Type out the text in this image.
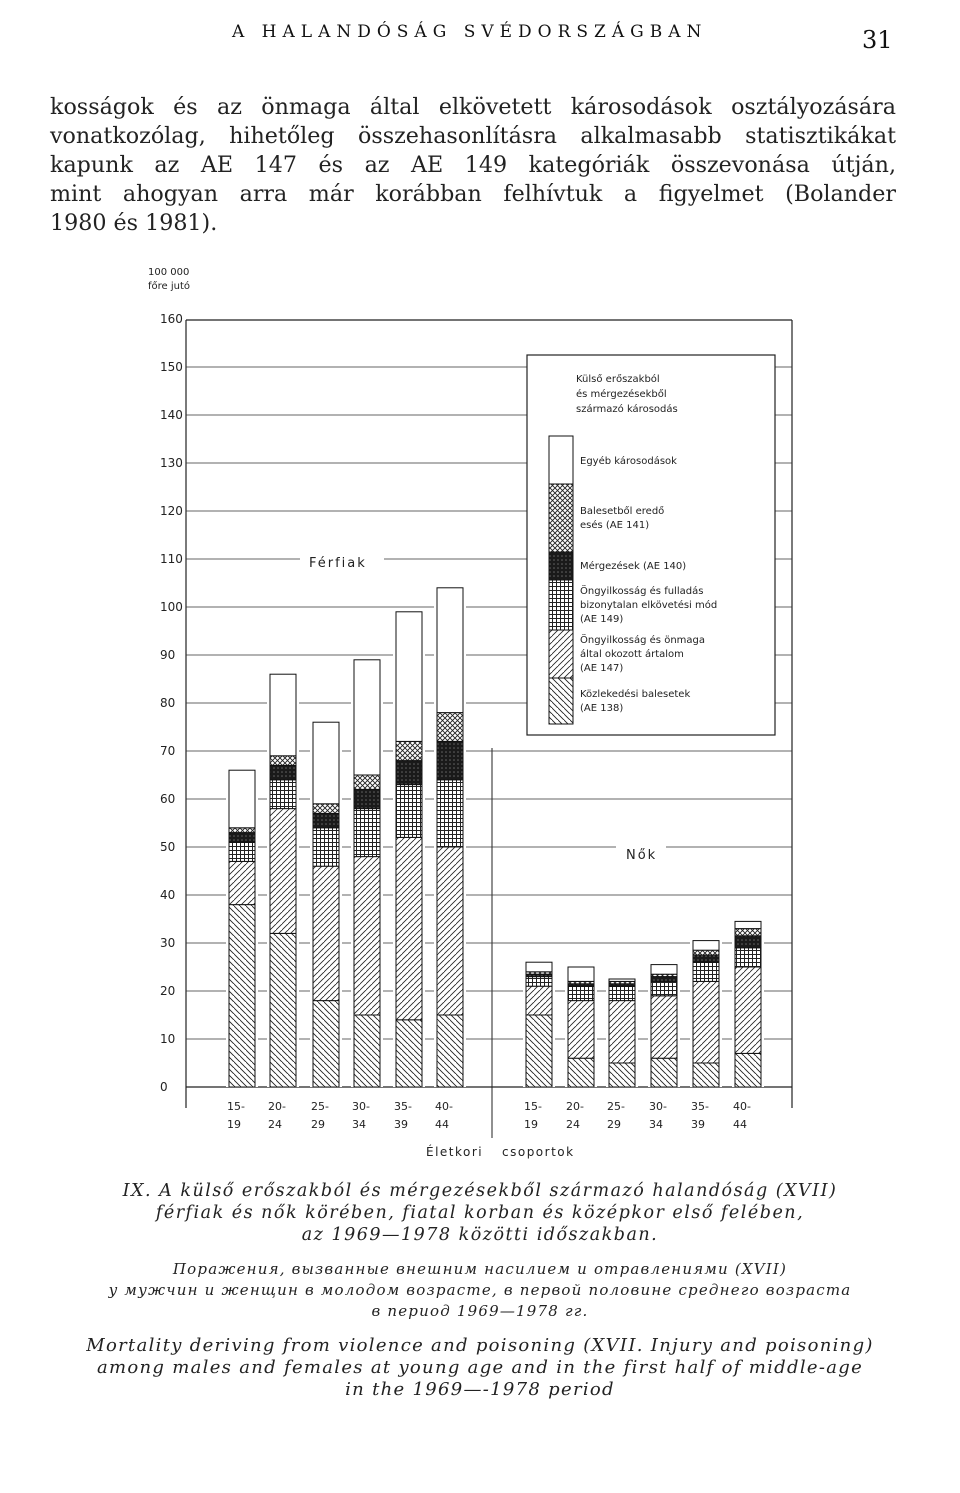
A HALANDÓSÁG SVÉDORSZÁGBAN	31
kosságok és az önmaga által elkövetett károsodások osztályozására
vonatkozólag, hihetőleg összehasonlításra alkalmasabb statisztikákat
kapunk az AE 147 és az AE 149 kategóriák összevonása útján,
mint ahogyan arra már korábban felhívtuk a figyelmet (Bolander
1980 és 1981).
100 000
főre jutó
0
10
20
30
40
50
60
70
80
90
100
110
120
130
140
150
160
15-
19
20-
24
25-
29
30-
34
35-
39
40-
44
15-
19
20-
24
25-
29
30-
34
35-
39
40-
44
Férfiak
Nők
Életkori csoportok
Külső erőszakból
és mérgezésekből
származó károsodás
Egyéb károsodások
Balesetből eredő
esés (AE 141)
Mérgezések (AE 140)
Öngyilkosság és fulladás
bizonytalan elkövetési mód
(AE 149)
Öngyilkosság és önmaga
által okozott ártalom
(AE 147)
Közlekedési balesetek
(AE 138)
IX. A külső erőszakból és mérgezésekből származó halandóság (XVII)
férfiak és nők körében, fiatal korban és középkor első felében,
az 1969—1978 közötti időszakban.
Поражения, вызванные внешним насилием и отравлениями (XVII)
у мужчин и женщин в молодом возрасте, в первой половине среднего возраста
в период 1969—1978 гг.
Mortality deriving from violence and poisoning (XVII. Injury and poisoning)
among males and females at young age and in the first half of middle-age
in the 1969—-1978 period
